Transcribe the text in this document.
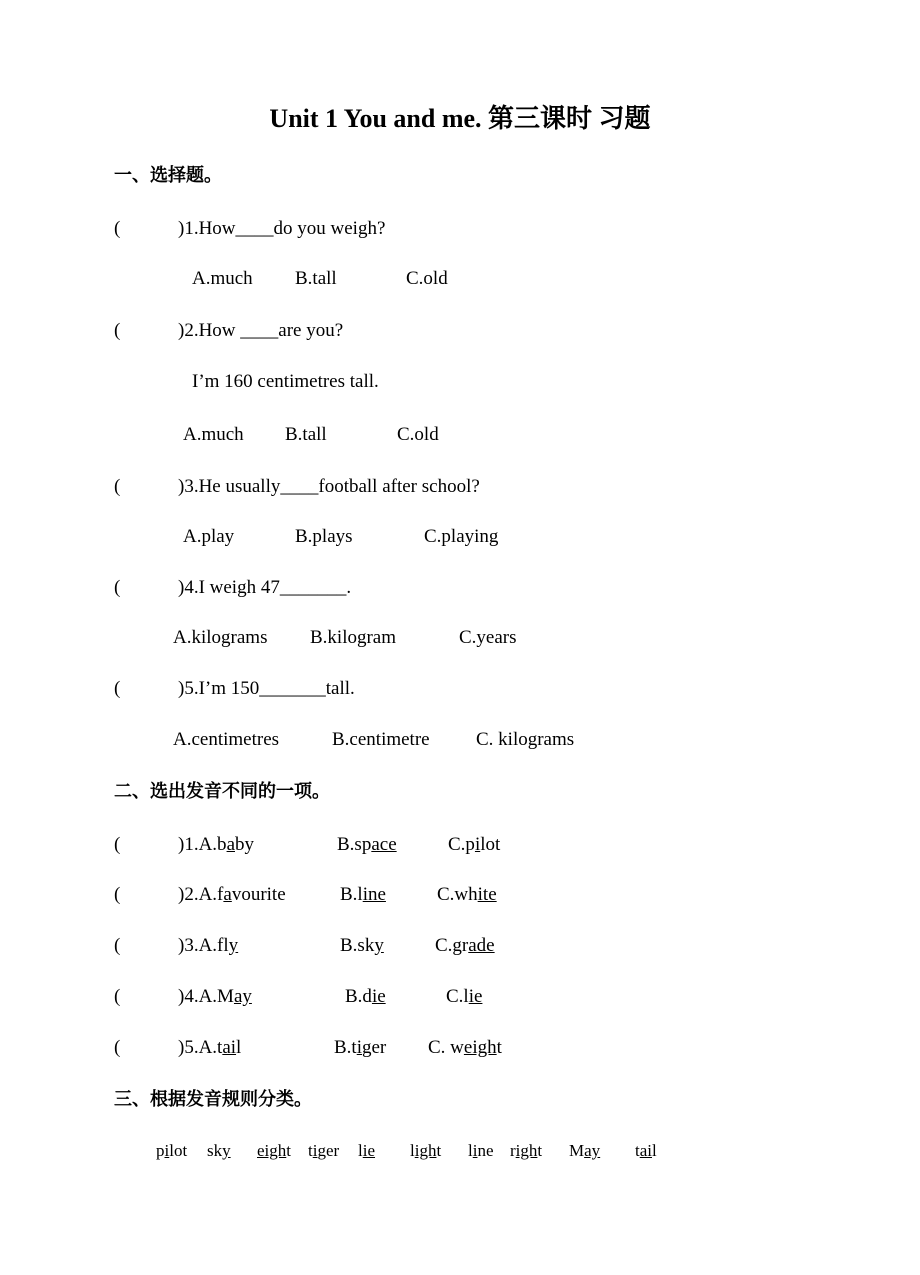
Unit 1 You and me. 第三课时 习题
一、选择题。
(	)1.How____do you weigh?
A.much B.tall	C.old
(	)2.How ____are you?
I’m 160 centimetres tall.
A.much B.tall	C.old
(	)3.He usually____football after school?
A.play	B.plays	C.playing
(	)4.I weigh 47_______.
A.kilograms B.kilogram	C.years
(	)5.I’m 150_______tall.
A.centimetres	B.centimetre C. kilograms
二、选出发音不同的一项。
(	)1.A.baby	B.space	C.pilot
(	)2.A.favourite	B.line	C.white
(	)3.A.fly	B.sky	C.grade
(	)4.A.May	B.die	C.lie
(	)5.A.tail	B.tiger C. weight
三、根据发音规则分类。
pilot sky eight tiger lie light line right May tail
